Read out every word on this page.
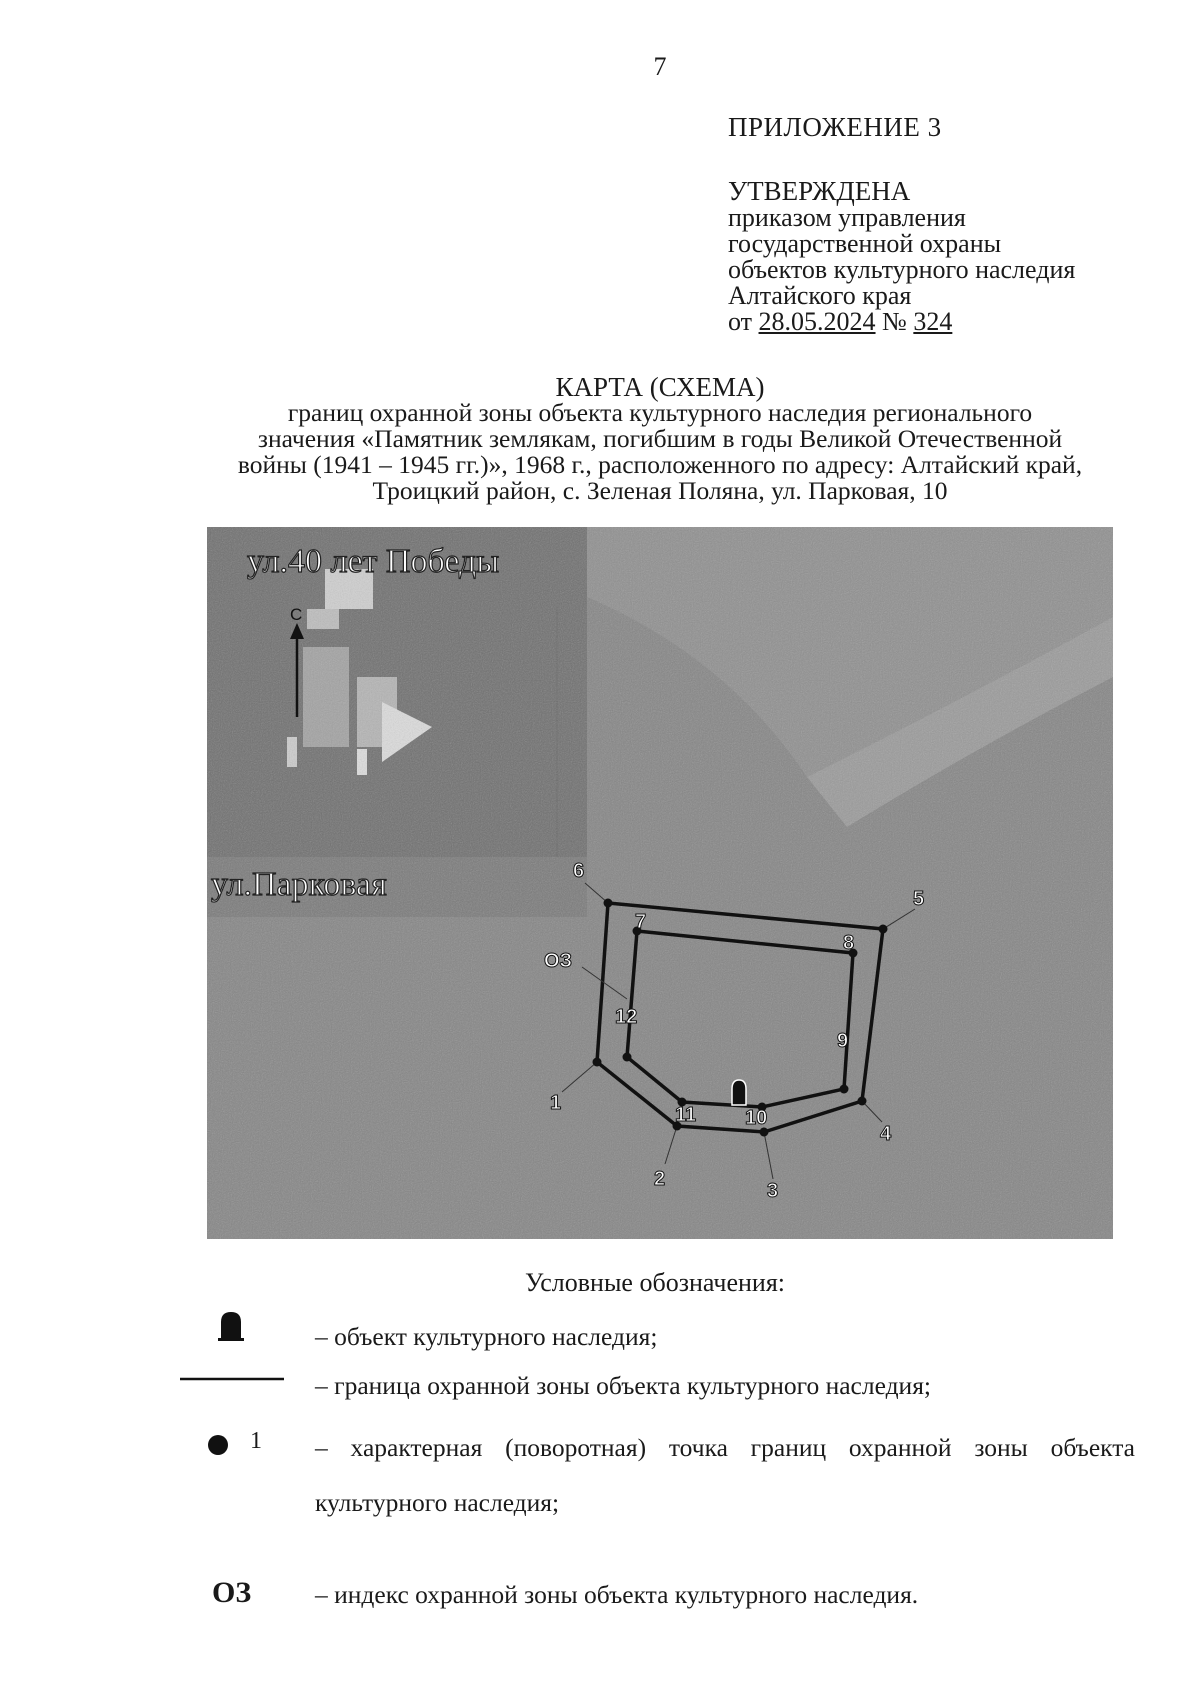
7
ПРИЛОЖЕНИЕ 3
УТВЕРЖДЕНА
приказом управления
государственной охраны
объектов культурного наследия
Алтайского края
от 28.05.2024 № 324
КАРТА (СХЕМА)
границ охранной зоны объекта культурного наследия регионального
значения «Памятник землякам, погибшим в годы Великой Отечественной
войны (1941 – 1945 гг.)», 1968 г., расположенного по адресу: Алтайский край,
Троицкий район, с. Зеленая Поляна, ул. Парковая, 10
С
ул.40 лет Победы
ул.Парковая
1
2
3
4
5
6
7
8
9
10
11
12
ОЗ
Условные обозначения:
1
ОЗ
– объект культурного наследия;
– граница охранной зоны объекта культурного наследия;
– характерная (поворотная) точка границ охранной зоны объекта культурного наследия;
– индекс охранной зоны объекта культурного наследия.
